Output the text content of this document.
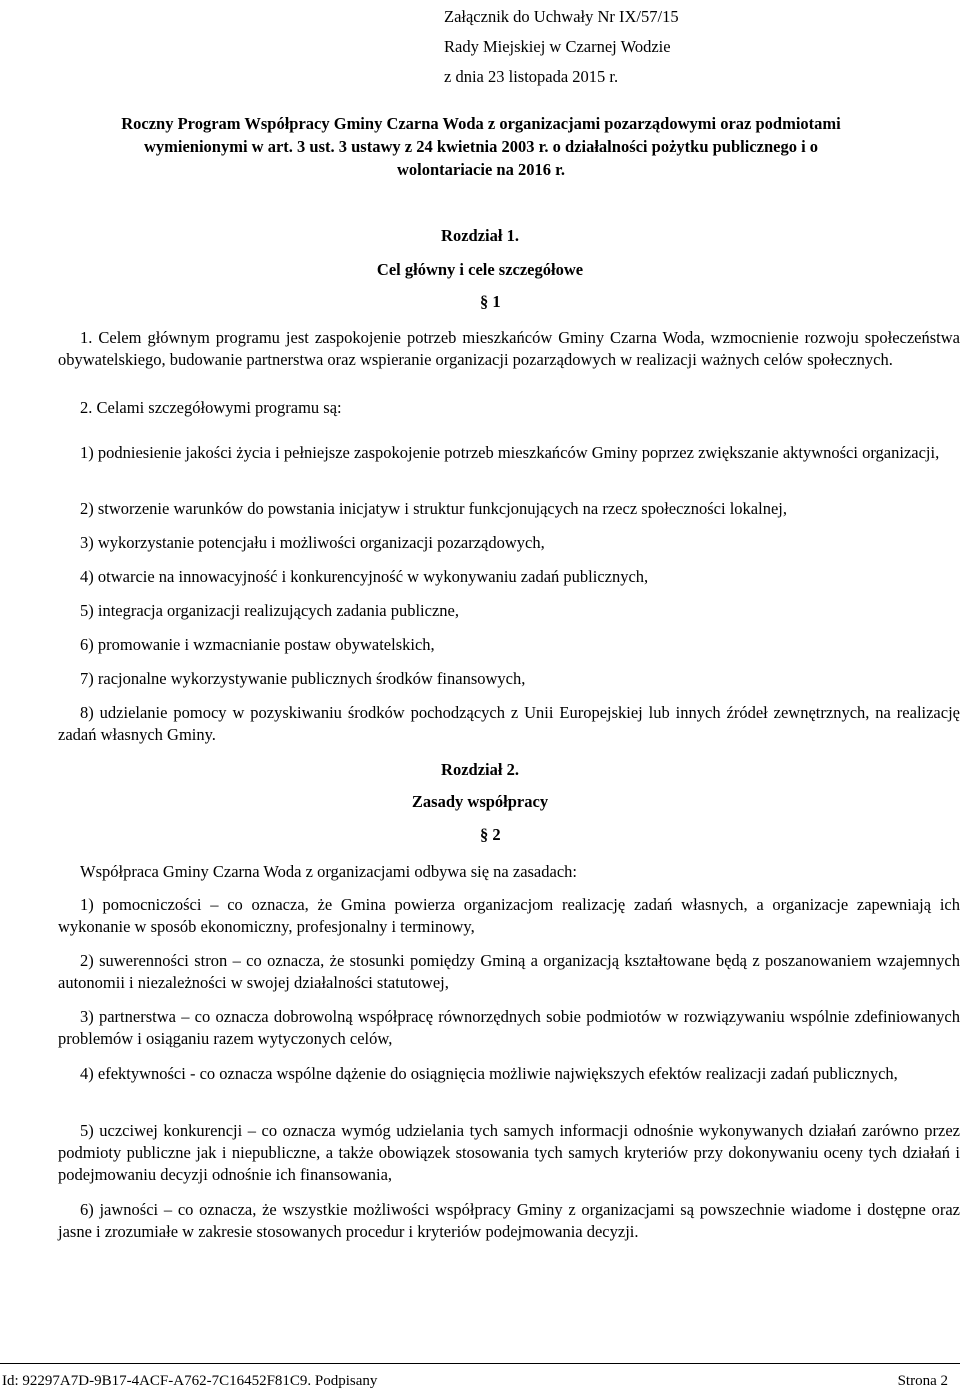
Załącznik do Uchwały Nr IX/57/15
Rady Miejskiej w Czarnej Wodzie
z dnia 23 listopada 2015 r.
Roczny Program Współpracy Gminy Czarna Woda z organizacjami pozarządowymi oraz podmiotami
wymienionymi w art. 3 ust. 3 ustawy z 24 kwietnia 2003 r. o działalności pożytku publicznego i o
wolontariacie na 2016 r.
Rozdział 1.
Cel główny i cele szczegółowe
§ 1
1. Celem głównym programu jest zaspokojenie potrzeb mieszkańców Gminy Czarna Woda, wzmocnienie rozwoju społeczeństwa obywatelskiego, budowanie partnerstwa oraz wspieranie organizacji pozarządowych w realizacji ważnych celów społecznych.
2. Celami szczegółowymi programu są:
1) podniesienie jakości życia i pełniejsze zaspokojenie potrzeb mieszkańców Gminy poprzez zwiększanie aktywności organizacji,
2) stworzenie warunków do powstania inicjatyw i struktur funkcjonujących na rzecz społeczności lokalnej,
3) wykorzystanie potencjału i możliwości organizacji pozarządowych,
4) otwarcie na innowacyjność i konkurencyjność w wykonywaniu zadań publicznych,
5) integracja organizacji realizujących zadania publiczne,
6) promowanie i wzmacnianie postaw obywatelskich,
7) racjonalne wykorzystywanie publicznych środków finansowych,
8) udzielanie pomocy w pozyskiwaniu środków pochodzących z Unii Europejskiej lub innych źródeł zewnętrznych, na realizację zadań własnych Gminy.
Rozdział 2.
Zasady współpracy
§ 2
Współpraca Gminy Czarna Woda z organizacjami odbywa się na zasadach:
1) pomocniczości – co oznacza, że Gmina powierza organizacjom realizację zadań własnych, a organizacje zapewniają ich wykonanie w sposób ekonomiczny, profesjonalny i terminowy,
2) suwerenności stron – co oznacza, że stosunki pomiędzy Gminą a organizacją kształtowane będą z poszanowaniem wzajemnych autonomii i niezależności w swojej działalności statutowej,
3) partnerstwa – co oznacza dobrowolną współpracę równorzędnych sobie podmiotów w rozwiązywaniu wspólnie zdefiniowanych problemów i osiąganiu razem wytyczonych celów,
4) efektywności - co oznacza wspólne dążenie do osiągnięcia możliwie największych efektów realizacji zadań publicznych,
5) uczciwej konkurencji – co oznacza wymóg udzielania tych samych informacji odnośnie wykonywanych działań zarówno przez podmioty publiczne jak i niepubliczne, a także obowiązek stosowania tych samych kryteriów przy dokonywaniu oceny tych działań i podejmowaniu decyzji odnośnie ich finansowania,
6) jawności – co oznacza, że wszystkie możliwości współpracy Gminy z organizacjami są powszechnie wiadome i dostępne oraz jasne i zrozumiałe w zakresie stosowanych procedur i kryteriów podejmowania decyzji.
Id: 92297A7D-9B17-4ACF-A762-7C16452F81C9. Podpisany	Strona 2
